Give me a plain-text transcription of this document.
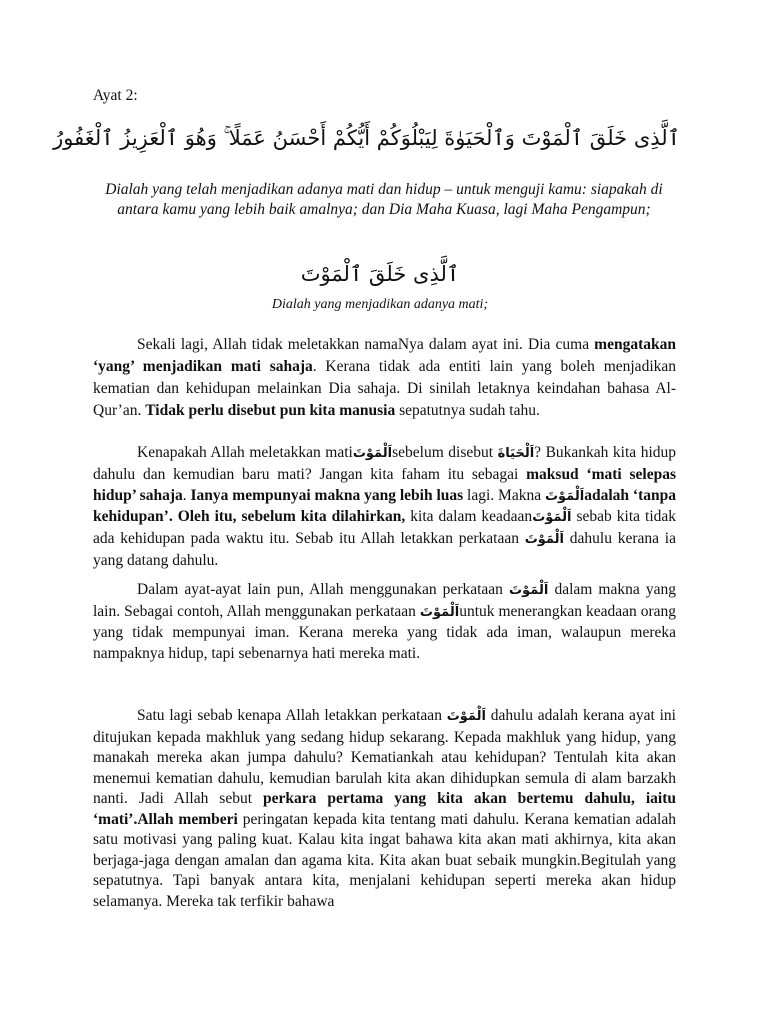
Ayat 2:
ٱلَّذِى خَلَقَ ٱلْمَوْتَ وَٱلْحَيَوٰةَ لِيَبْلُوَكُمْ أَيُّكُمْ أَحْسَنُ عَمَلًا ۚ وَهُوَ ٱلْعَزِيزُ ٱلْغَفُورُ
Dialah yang telah menjadikan adanya mati dan hidup – untuk menguji kamu: siapakah di antara kamu yang lebih baik amalnya; dan Dia Maha Kuasa, lagi Maha Pengampun;
ٱلَّذِى خَلَقَ ٱلْمَوْتَ
Dialah yang menjadikan adanya mati;
Sekali lagi, Allah tidak meletakkan namaNya dalam ayat ini. Dia cuma mengatakan ‘yang’ menjadikan mati sahaja. Kerana tidak ada entiti lain yang boleh menjadikan kematian dan kehidupan melainkan Dia sahaja. Di sinilah letaknya keindahan bahasa Al-Qur’an. Tidak perlu disebut pun kita manusia sepatutnya sudah tahu.
Kenapakah Allah meletakkan matiاَلْمَوْتَsebelum disebut اَلْحَيَاةَ? Bukankah kita hidup dahulu dan kemudian baru mati? Jangan kita faham itu sebagai maksud ‘mati selepas hidup’ sahaja. Ianya mempunyai makna yang lebih luas lagi. Makna اَلْمَوْتَadalah ‘tanpa kehidupan’. Oleh itu, sebelum kita dilahirkan, kita dalam keadaanاَلْمَوْتَ sebab kita tidak ada kehidupan pada waktu itu. Sebab itu Allah letakkan perkataan اَلْمَوْتَ dahulu kerana ia yang datang dahulu.
Dalam ayat-ayat lain pun, Allah menggunakan perkataan اَلْمَوْتَ dalam makna yang lain. Sebagai contoh, Allah menggunakan perkataan اَلْمَوْتَuntuk menerangkan keadaan orang yang tidak mempunyai iman. Kerana mereka yang tidak ada iman, walaupun mereka nampaknya hidup, tapi sebenarnya hati mereka mati.
Satu lagi sebab kenapa Allah letakkan perkataan اَلْمَوْتَ dahulu adalah kerana ayat ini ditujukan kepada makhluk yang sedang hidup sekarang. Kepada makhluk yang hidup, yang manakah mereka akan jumpa dahulu? Kematiankah atau kehidupan? Tentulah kita akan menemui kematian dahulu, kemudian barulah kita akan dihidupkan semula di alam barzakh nanti. Jadi Allah sebut perkara pertama yang kita akan bertemu dahulu, iaitu ‘mati’.Allah memberi peringatan kepada kita tentang mati dahulu. Kerana kematian adalah satu motivasi yang paling kuat. Kalau kita ingat bahawa kita akan mati akhirnya, kita akan berjaga-jaga dengan amalan dan agama kita. Kita akan buat sebaik mungkin.Begitulah yang sepatutnya. Tapi banyak antara kita, menjalani kehidupan seperti mereka akan hidup selamanya. Mereka tak terfikir bahawa
